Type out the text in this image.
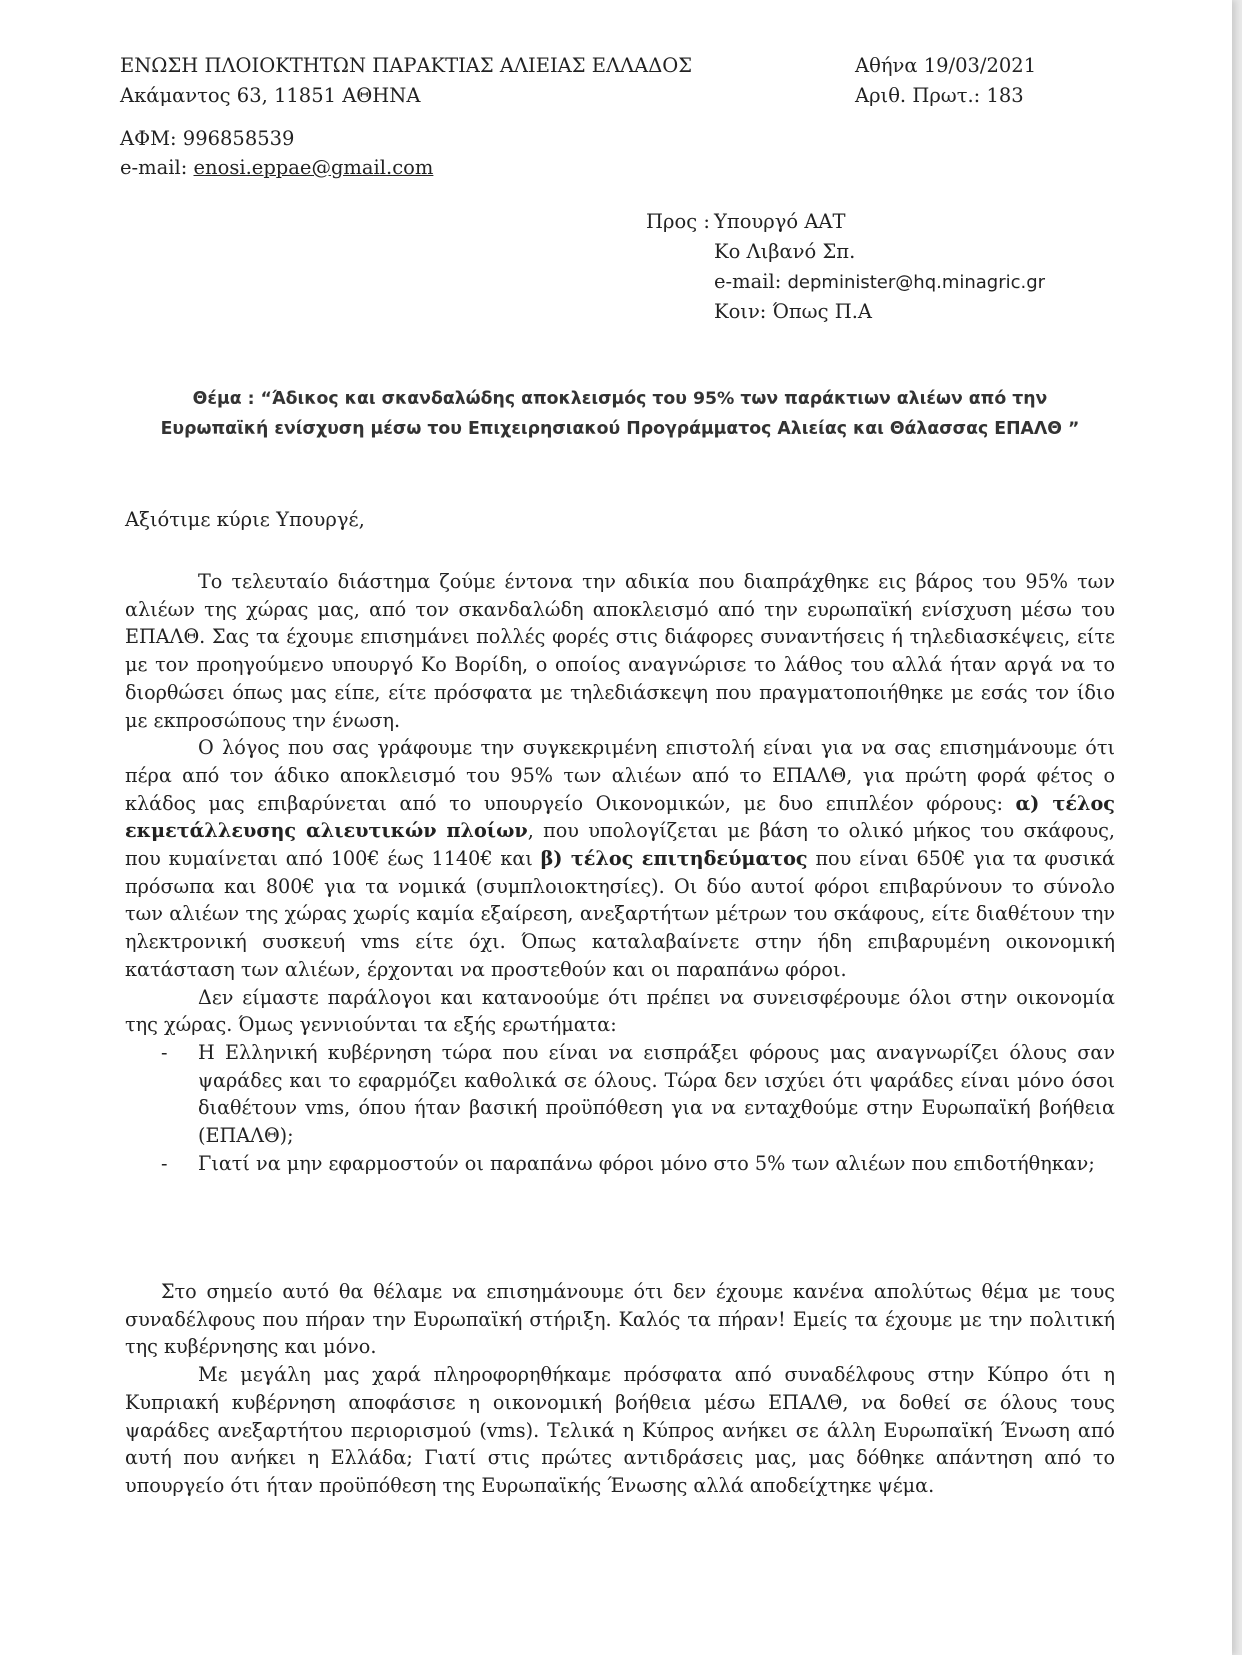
ΕΝΩΣΗ ΠΛΟΙΟΚΤΗΤΩΝ ΠΑΡΑΚΤΙΑΣ ΑΛΙΕΙΑΣ ΕΛΛΑΔΟΣ
Ακάμαντος 63, 11851 ΑΘΗΝΑ
ΑΦΜ: 996858539
e-mail: enosi.eppae@gmail.com
Αθήνα 19/03/2021
Αριθ. Πρωτ.: 183
Προς : Υπουργό ΑΑΤ
Κο Λιβανό Σπ.
e-mail: depminister@hq.minagric.gr
Κοιν: Όπως Π.Α
Θέμα : “Άδικος και σκανδαλώδης αποκλεισμός του 95% των παράκτιων αλιέων από την
Ευρωπαϊκή ενίσχυση μέσω του Επιχειρησιακού Προγράμματος Αλιείας και Θάλασσας ΕΠΑΛΘ ”
Αξιότιμε κύριε Υπουργέ,

Το τελευταίο διάστημα ζούμε έντονα την αδικία που διαπράχθηκε εις βάρος του 95% των αλιέων της χώρας μας, από τον σκανδαλώδη αποκλεισμό από την ευρωπαϊκή ενίσχυση μέσω του ΕΠΑΛΘ. Σας τα έχουμε επισημάνει πολλές φορές στις διάφορες συναντήσεις ή τηλεδιασκέψεις, είτε με τον προηγούμενο υπουργό Κο Βορίδη, ο οποίος αναγνώρισε το λάθος του αλλά ήταν αργά να το διορθώσει όπως μας είπε, είτε πρόσφατα με τηλεδιάσκεψη που πραγματοποιήθηκε με εσάς τον ίδιο με εκπροσώπους την ένωση.

Ο λόγος που σας γράφουμε την συγκεκριμένη επιστολή είναι για να σας επισημάνουμε ότι πέρα από τον άδικο αποκλεισμό του 95% των αλιέων από το ΕΠΑΛΘ, για πρώτη φορά φέτος ο κλάδος μας επιβαρύνεται από το υπουργείο Οικονομικών, με δυο επιπλέον φόρους: α) τέλος εκμετάλλευσης αλιευτικών πλοίων, που υπολογίζεται με βάση το ολικό μήκος του σκάφους, που κυμαίνεται από 100€ έως 1140€ και β) τέλος επιτηδεύματος που είναι 650€ για τα φυσικά πρόσωπα και 800€ για τα νομικά (συμπλοιοκτησίες). Οι δύο αυτοί φόροι επιβαρύνουν το σύνολο των αλιέων της χώρας χωρίς καμία εξαίρεση, ανεξαρτήτων μέτρων του σκάφους, είτε διαθέτουν την ηλεκτρονική συσκευή vms είτε όχι. Όπως καταλαβαίνετε στην ήδη επιβαρυμένη οικονομική κατάσταση των αλιέων, έρχονται να προστεθούν και οι παραπάνω φόροι.

Δεν είμαστε παράλογοι και κατανοούμε ότι πρέπει να συνεισφέρουμε όλοι στην οικονομία της χώρας. Όμως γεννιούνται τα εξής ερωτήματα:

- Η Ελληνική κυβέρνηση τώρα που είναι να εισπράξει φόρους μας αναγνωρίζει όλους σαν ψαράδες και το εφαρμόζει καθολικά σε όλους. Τώρα δεν ισχύει ότι ψαράδες είναι μόνο όσοι διαθέτουν vms, όπου ήταν βασική προϋπόθεση για να ενταχθούμε στην Ευρωπαϊκή βοήθεια (ΕΠΑΛΘ);
- Γιατί να μην εφαρμοστούν οι παραπάνω φόροι μόνο στο 5% των αλιέων που επιδοτήθηκαν;

Στο σημείο αυτό θα θέλαμε να επισημάνουμε ότι δεν έχουμε κανένα απολύτως θέμα με τους συναδέλφους που πήραν την Ευρωπαϊκή στήριξη. Καλός τα πήραν! Εμείς τα έχουμε με την πολιτική της κυβέρνησης και μόνο.

Με μεγάλη μας χαρά πληροφορηθήκαμε πρόσφατα από συναδέλφους στην Κύπρο ότι η Κυπριακή κυβέρνηση αποφάσισε η οικονομική βοήθεια μέσω ΕΠΑΛΘ, να δοθεί σε όλους τους ψαράδες ανεξαρτήτου περιορισμού (vms). Τελικά η Κύπρος ανήκει σε άλλη Ευρωπαϊκή Ένωση από αυτή που ανήκει η Ελλάδα; Γιατί στις πρώτες αντιδράσεις μας, μας δόθηκε απάντηση από το υπουργείο ότι ήταν προϋπόθεση της Ευρωπαϊκής Ένωσης αλλά αποδείχτηκε ψέμα.
